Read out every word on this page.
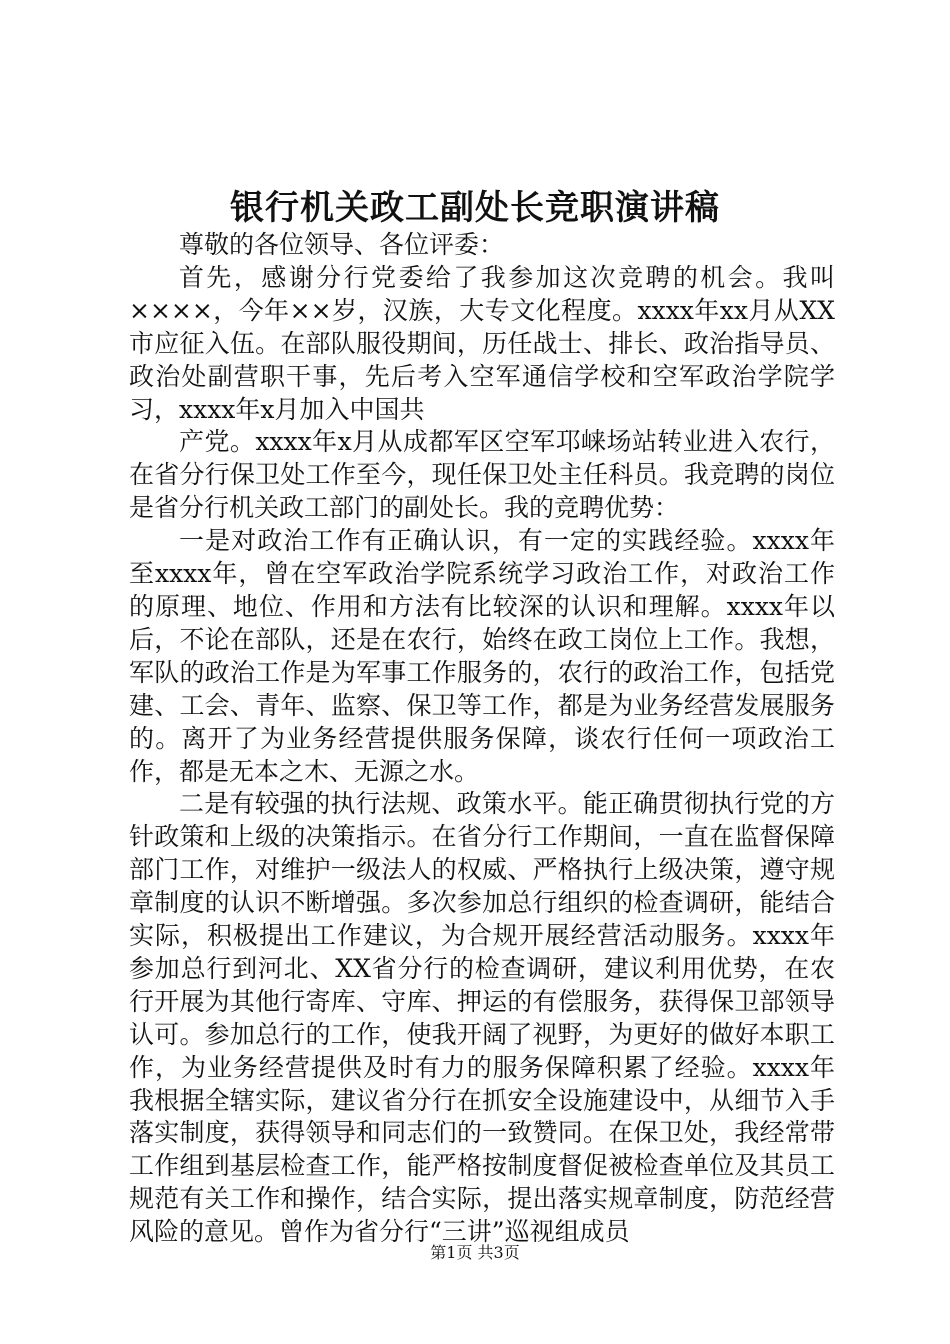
银行机关政工副处长竞职演讲稿

尊敬的各位领导、各位评委：

首先，感谢分行党委给了我参加这次竞聘的机会。我叫××××，今年××岁，汉族，大专文化程度。xxxx年xx月从XX市应征入伍。在部队服役期间，历任战士、排长、政治指导员、政治处副营职干事，先后考入空军通信学校和空军政治学院学习，xxxx年x月加入中国共

产党。xxxx年x月从成都军区空军邛崃场站转业进入农行，在省分行保卫处工作至今，现任保卫处主任科员。我竞聘的岗位是省分行机关政工部门的副处长。我的竞聘优势：

一是对政治工作有正确认识，有一定的实践经验。xxxx年至xxxx年，曾在空军政治学院系统学习政治工作，对政治工作的原理、地位、作用和方法有比较深的认识和理解。xxxx年以后，不论在部队，还是在农行，始终在政工岗位上工作。我想，军队的政治工作是为军事工作服务的，农行的政治工作，包括党建、工会、青年、监察、保卫等工作，都是为业务经营发展服务的。离开了为业务经营提供服务保障，谈农行任何一项政治工作，都是无本之木、无源之水。

二是有较强的执行法规、政策水平。能正确贯彻执行党的方针政策和上级的决策指示。在省分行工作期间，一直在监督保障部门工作，对维护一级法人的权威、严格执行上级决策，遵守规章制度的认识不断增强。多次参加总行组织的检查调研，能结合实际，积极提出工作建议，为合规开展经营活动服务。xxxx年参加总行到河北、XX省分行的检查调研，建议利用优势，在农行开展为其他行寄库、守库、押运的有偿服务，获得保卫部领导认可。参加总行的工作，使我开阔了视野，为更好的做好本职工作，为业务经营提供及时有力的服务保障积累了经验。xxxx年我根据全辖实际，建议省分行在抓安全设施建设中，从细节入手落实制度，获得领导和同志们的一致赞同。在保卫处，我经常带工作组到基层检查工作，能严格按制度督促被检查单位及其员工规范有关工作和操作，结合实际，提出落实规章制度，防范经营风险的意见。曾作为省分行“三讲”巡视组成员

第1页 共3页
